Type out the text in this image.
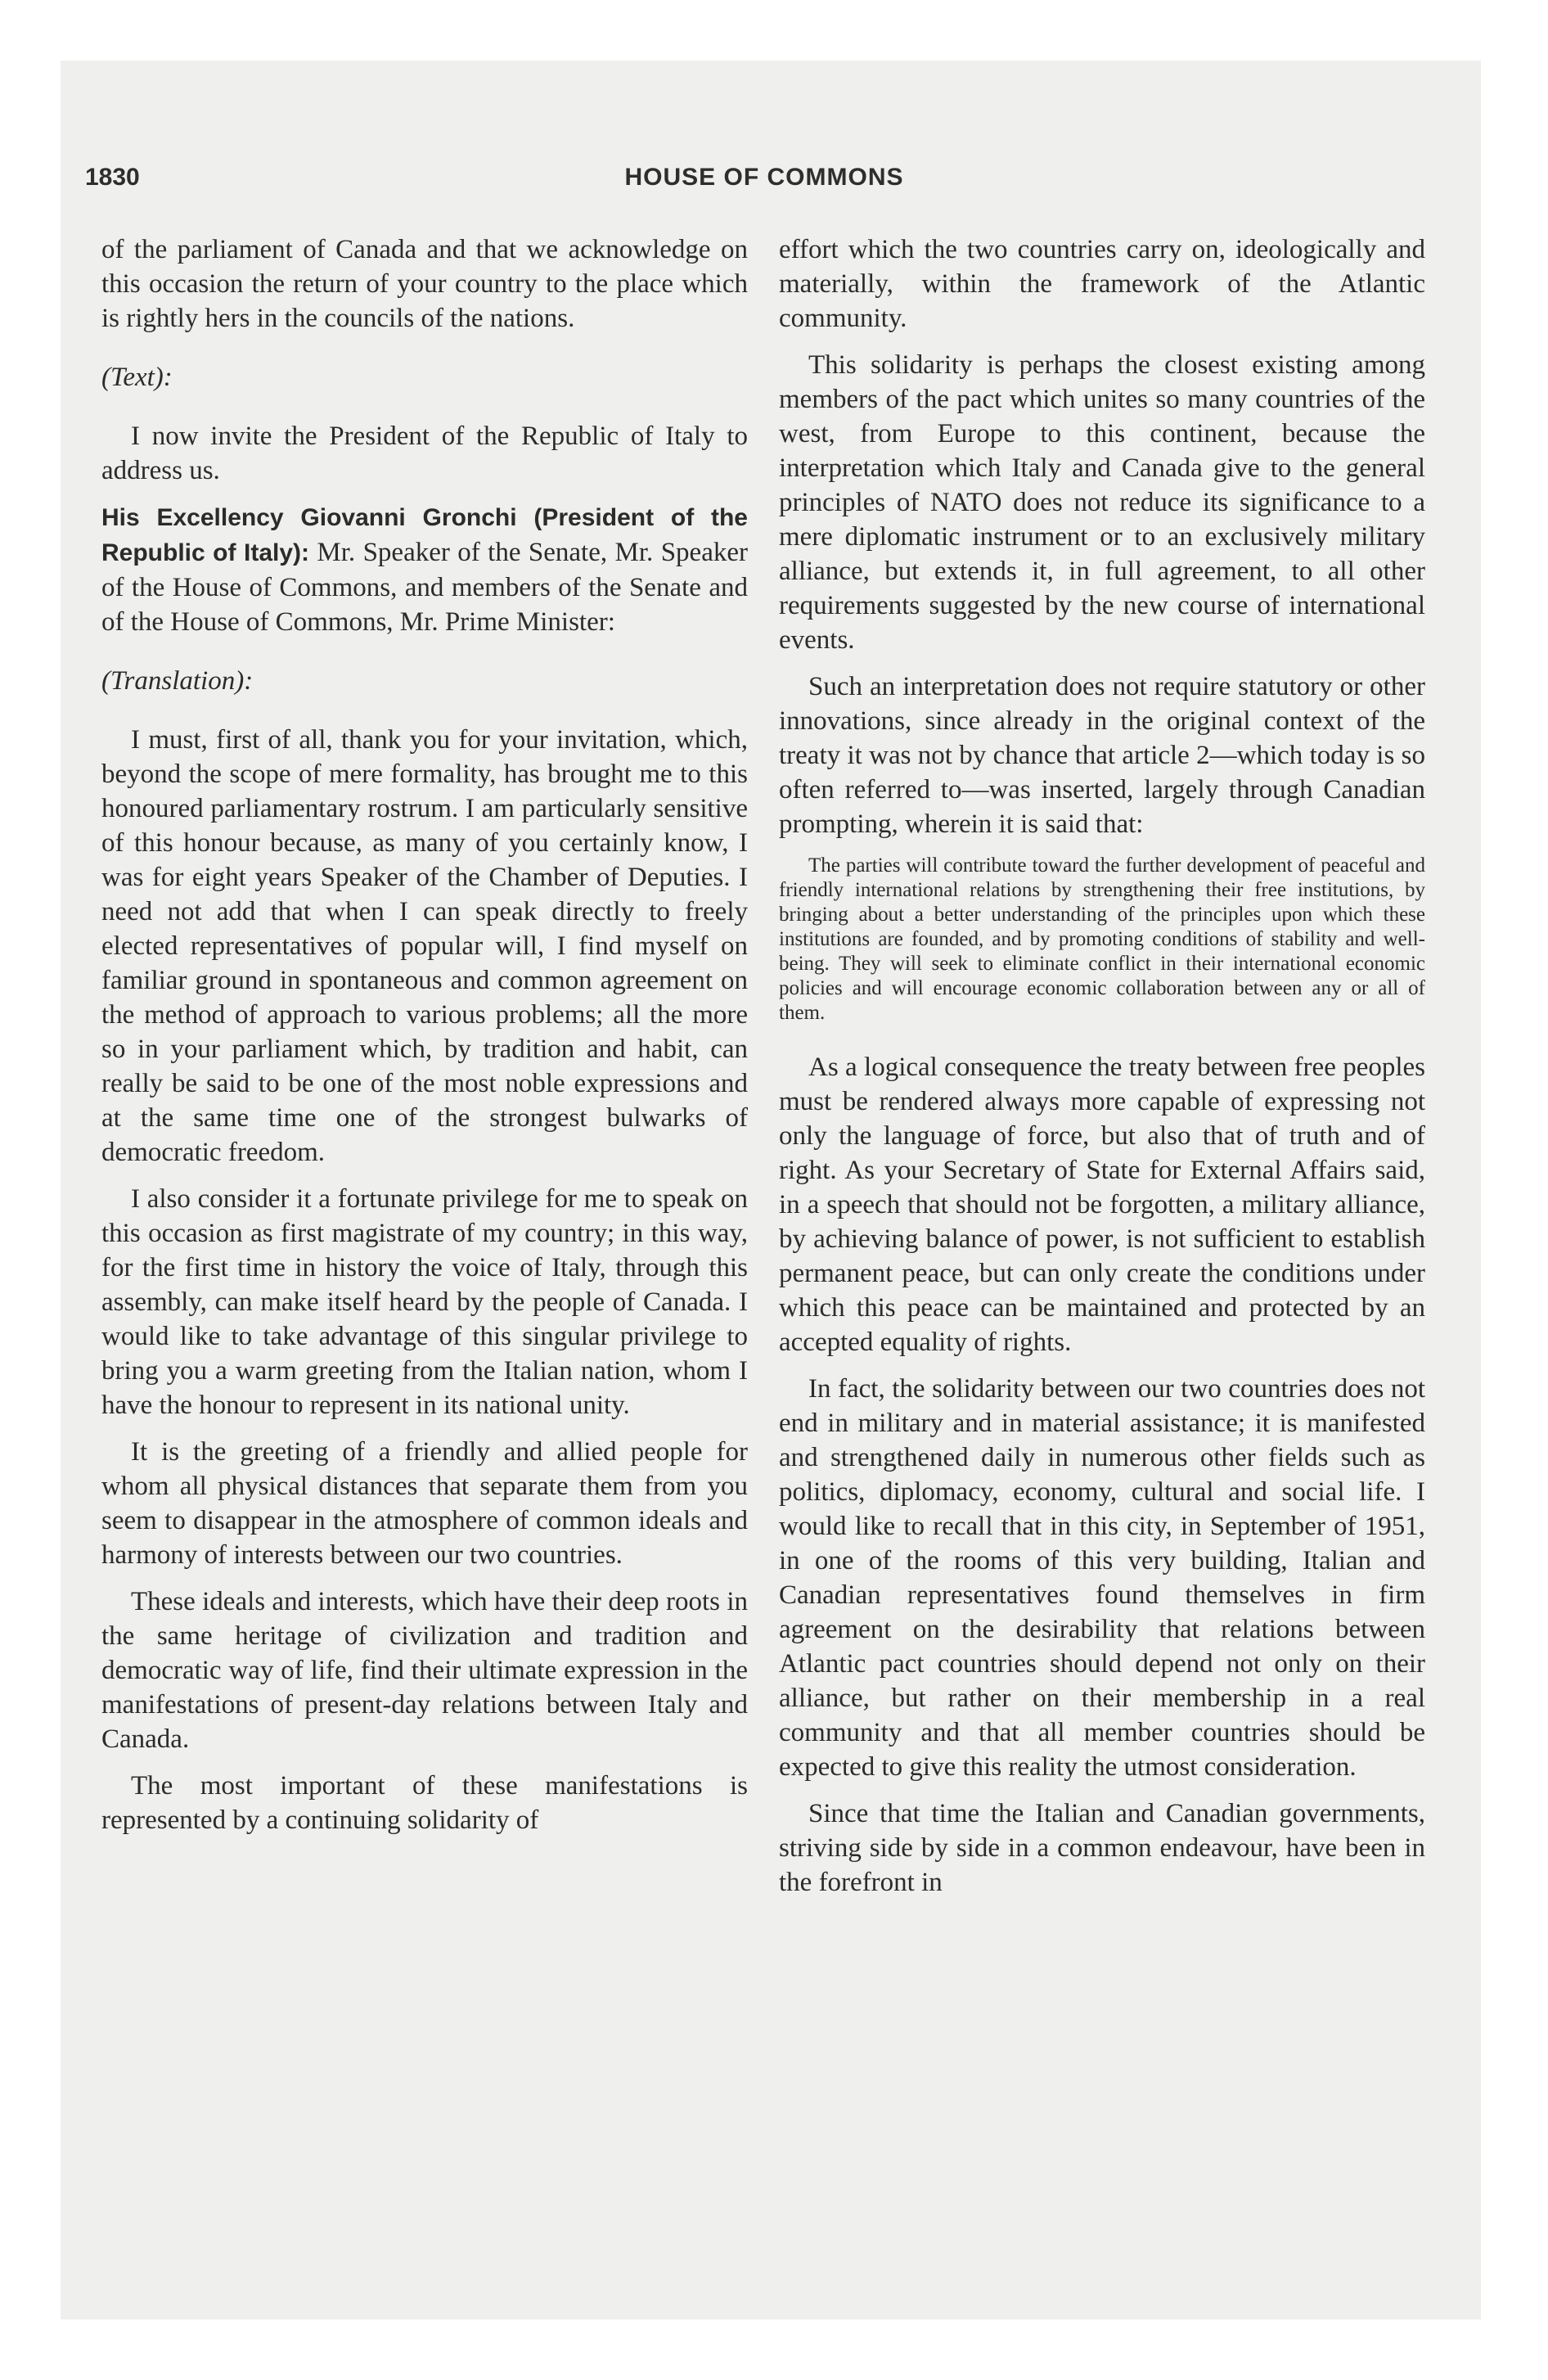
1830	HOUSE OF COMMONS

of the parliament of Canada and that we acknowledge on this occasion the return of your country to the place which is rightly hers in the councils of the nations.

(Text):

I now invite the President of the Republic of Italy to address us.

His Excellency Giovanni Gronchi (President of the Republic of Italy): Mr. Speaker of the Senate, Mr. Speaker of the House of Commons, and members of the Senate and of the House of Commons, Mr. Prime Minister:

(Translation):

I must, first of all, thank you for your invitation, which, beyond the scope of mere formality, has brought me to this honoured parliamentary rostrum. I am particularly sensitive of this honour because, as many of you certainly know, I was for eight years Speaker of the Chamber of Deputies. I need not add that when I can speak directly to freely elected representatives of popular will, I find myself on familiar ground in spontaneous and common agreement on the method of approach to various problems; all the more so in your parliament which, by tradition and habit, can really be said to be one of the most noble expressions and at the same time one of the strongest bulwarks of democratic freedom.

I also consider it a fortunate privilege for me to speak on this occasion as first magistrate of my country; in this way, for the first time in history the voice of Italy, through this assembly, can make itself heard by the people of Canada. I would like to take advantage of this singular privilege to bring you a warm greeting from the Italian nation, whom I have the honour to represent in its national unity.

It is the greeting of a friendly and allied people for whom all physical distances that separate them from you seem to disappear in the atmosphere of common ideals and harmony of interests between our two countries.

These ideals and interests, which have their deep roots in the same heritage of civilization and tradition and democratic way of life, find their ultimate expression in the manifestations of present-day relations between Italy and Canada.

The most important of these manifestations is represented by a continuing solidarity of

effort which the two countries carry on, ideologically and materially, within the framework of the Atlantic community.

This solidarity is perhaps the closest existing among members of the pact which unites so many countries of the west, from Europe to this continent, because the interpretation which Italy and Canada give to the general principles of NATO does not reduce its significance to a mere diplomatic instrument or to an exclusively military alliance, but extends it, in full agreement, to all other requirements suggested by the new course of international events.

Such an interpretation does not require statutory or other innovations, since already in the original context of the treaty it was not by chance that article 2—which today is so often referred to—was inserted, largely through Canadian prompting, wherein it is said that:

The parties will contribute toward the further development of peaceful and friendly international relations by strengthening their free institutions, by bringing about a better understanding of the principles upon which these institutions are founded, and by promoting conditions of stability and well-being. They will seek to eliminate conflict in their international economic policies and will encourage economic collaboration between any or all of them.

As a logical consequence the treaty between free peoples must be rendered always more capable of expressing not only the language of force, but also that of truth and of right. As your Secretary of State for External Affairs said, in a speech that should not be forgotten, a military alliance, by achieving balance of power, is not sufficient to establish permanent peace, but can only create the conditions under which this peace can be maintained and protected by an accepted equality of rights.

In fact, the solidarity between our two countries does not end in military and in material assistance; it is manifested and strengthened daily in numerous other fields such as politics, diplomacy, economy, cultural and social life. I would like to recall that in this city, in September of 1951, in one of the rooms of this very building, Italian and Canadian representatives found themselves in firm agreement on the desirability that relations between Atlantic pact countries should depend not only on their alliance, but rather on their membership in a real community and that all member countries should be expected to give this reality the utmost consideration.

Since that time the Italian and Canadian governments, striving side by side in a common endeavour, have been in the forefront in
